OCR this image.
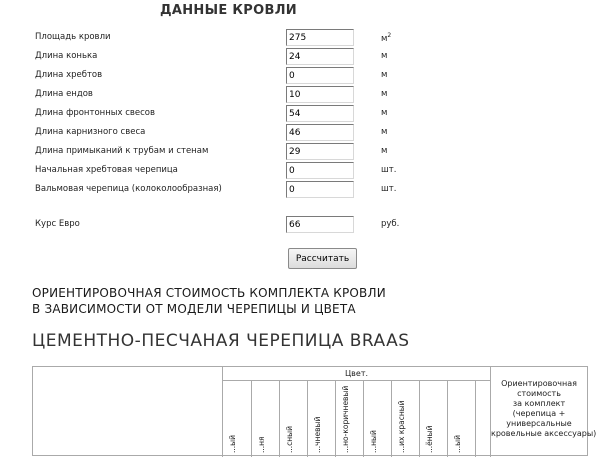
ДАННЫЕ КРОВЛИ
Площадь кровли
275	$м^2$
Длина конька
24	м
Длина хребтов
0	м
Длина ендов
10	м
Длина фронтонных свесов
54	м
Длина карнизного свеса
46	м
Длина примыканий к трубам и стенам
29	м
Начальная хребтовая черепица
0	шт.
Вальмовая черепица (колоколообразная)
0	шт.
Курс Евро
66	руб.
Рассчитать
ОРИЕНТИРОВОЧНАЯ СТОИМОСТЬ КОМПЛЕКТА КРОВЛИ
В ЗАВИСИМОСТИ ОТ МОДЕЛИ ЧЕРЕПИЦЫ И ЦВЕТА
ЦЕМЕНТНО-ПЕСЧАНАЯ ЧЕРЕПИЦА BRAAS
Цвет.
...ый	...ня	...сный	...чневый	...но-коричневый	...ный	...их красный	...ёный	...ый
Ориентировочная
стоимость
за комплект
(черепица +
универсальные
кровельные аксессуары)
